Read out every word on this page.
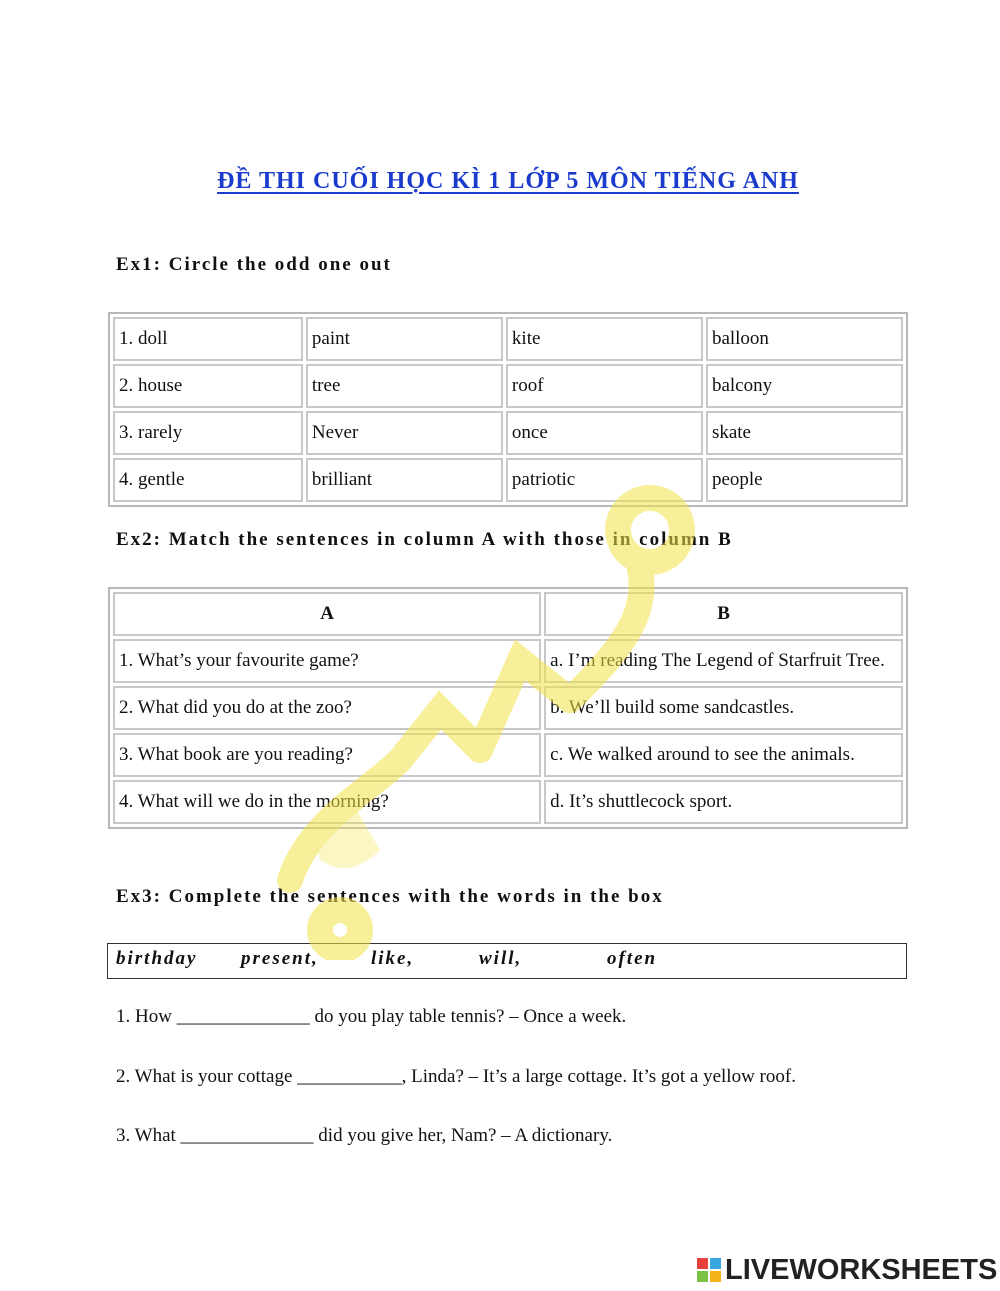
ĐỀ THI CUỐI HỌC KÌ 1 LỚP 5 MÔN TIẾNG ANH
Ex1: Circle the odd one out
1. doll	paint	kite	balloon
2. house	tree	roof	balcony
3. rarely	Never	once	skate
4. gentle	brilliant	patriotic	people
Ex2: Match the sentences in column A with those in column B
A	B
1. What’s your favourite game?	a. I’m reading The Legend of Starfruit Tree.
2. What did you do at the zoo?	b. We’ll build some sandcastles.
3. What book are you reading?	c. We walked around to see the animals.
4. What will we do in the morning?	d. It’s shuttlecock sport.
Ex3: Complete the sentences with the words in the box
birthday present,	like,	will,	often
1. How ______________ do you play table tennis? – Once a week.
2. What is your cottage ___________, Linda? – It’s a large cottage. It’s got a yellow roof.
3. What ______________ did you give her, Nam? – A dictionary.
LIVEWORKSHEETS
